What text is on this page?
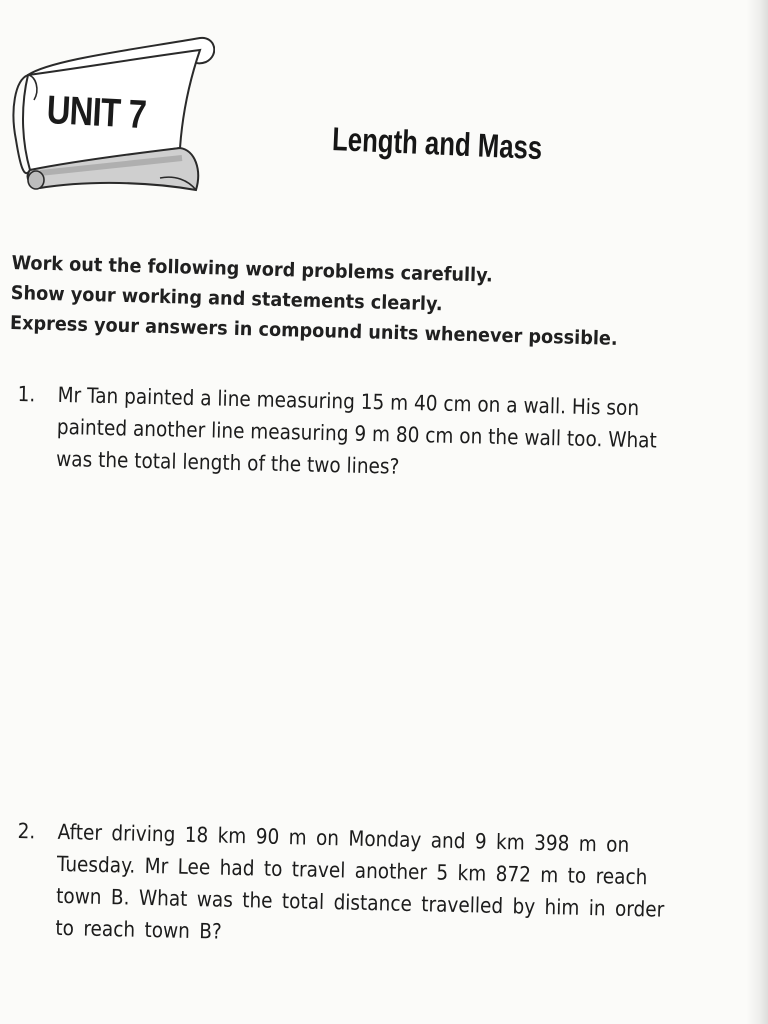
UNIT 7
Length and Mass
Work out the following word problems carefully.
Show your working and statements clearly.
Express your answers in compound units whenever possible.
1. Mr Tan painted a line measuring 15 m 40 cm on a wall. His son
painted another line measuring 9 m 80 cm on the wall too. What
was the total length of the two lines?
2. After driving 18 km 90 m on Monday and 9 km 398 m on
Tuesday. Mr Lee had to travel another 5 km 872 m to reach
town B. What was the total distance travelled by him in order
to reach town B?
